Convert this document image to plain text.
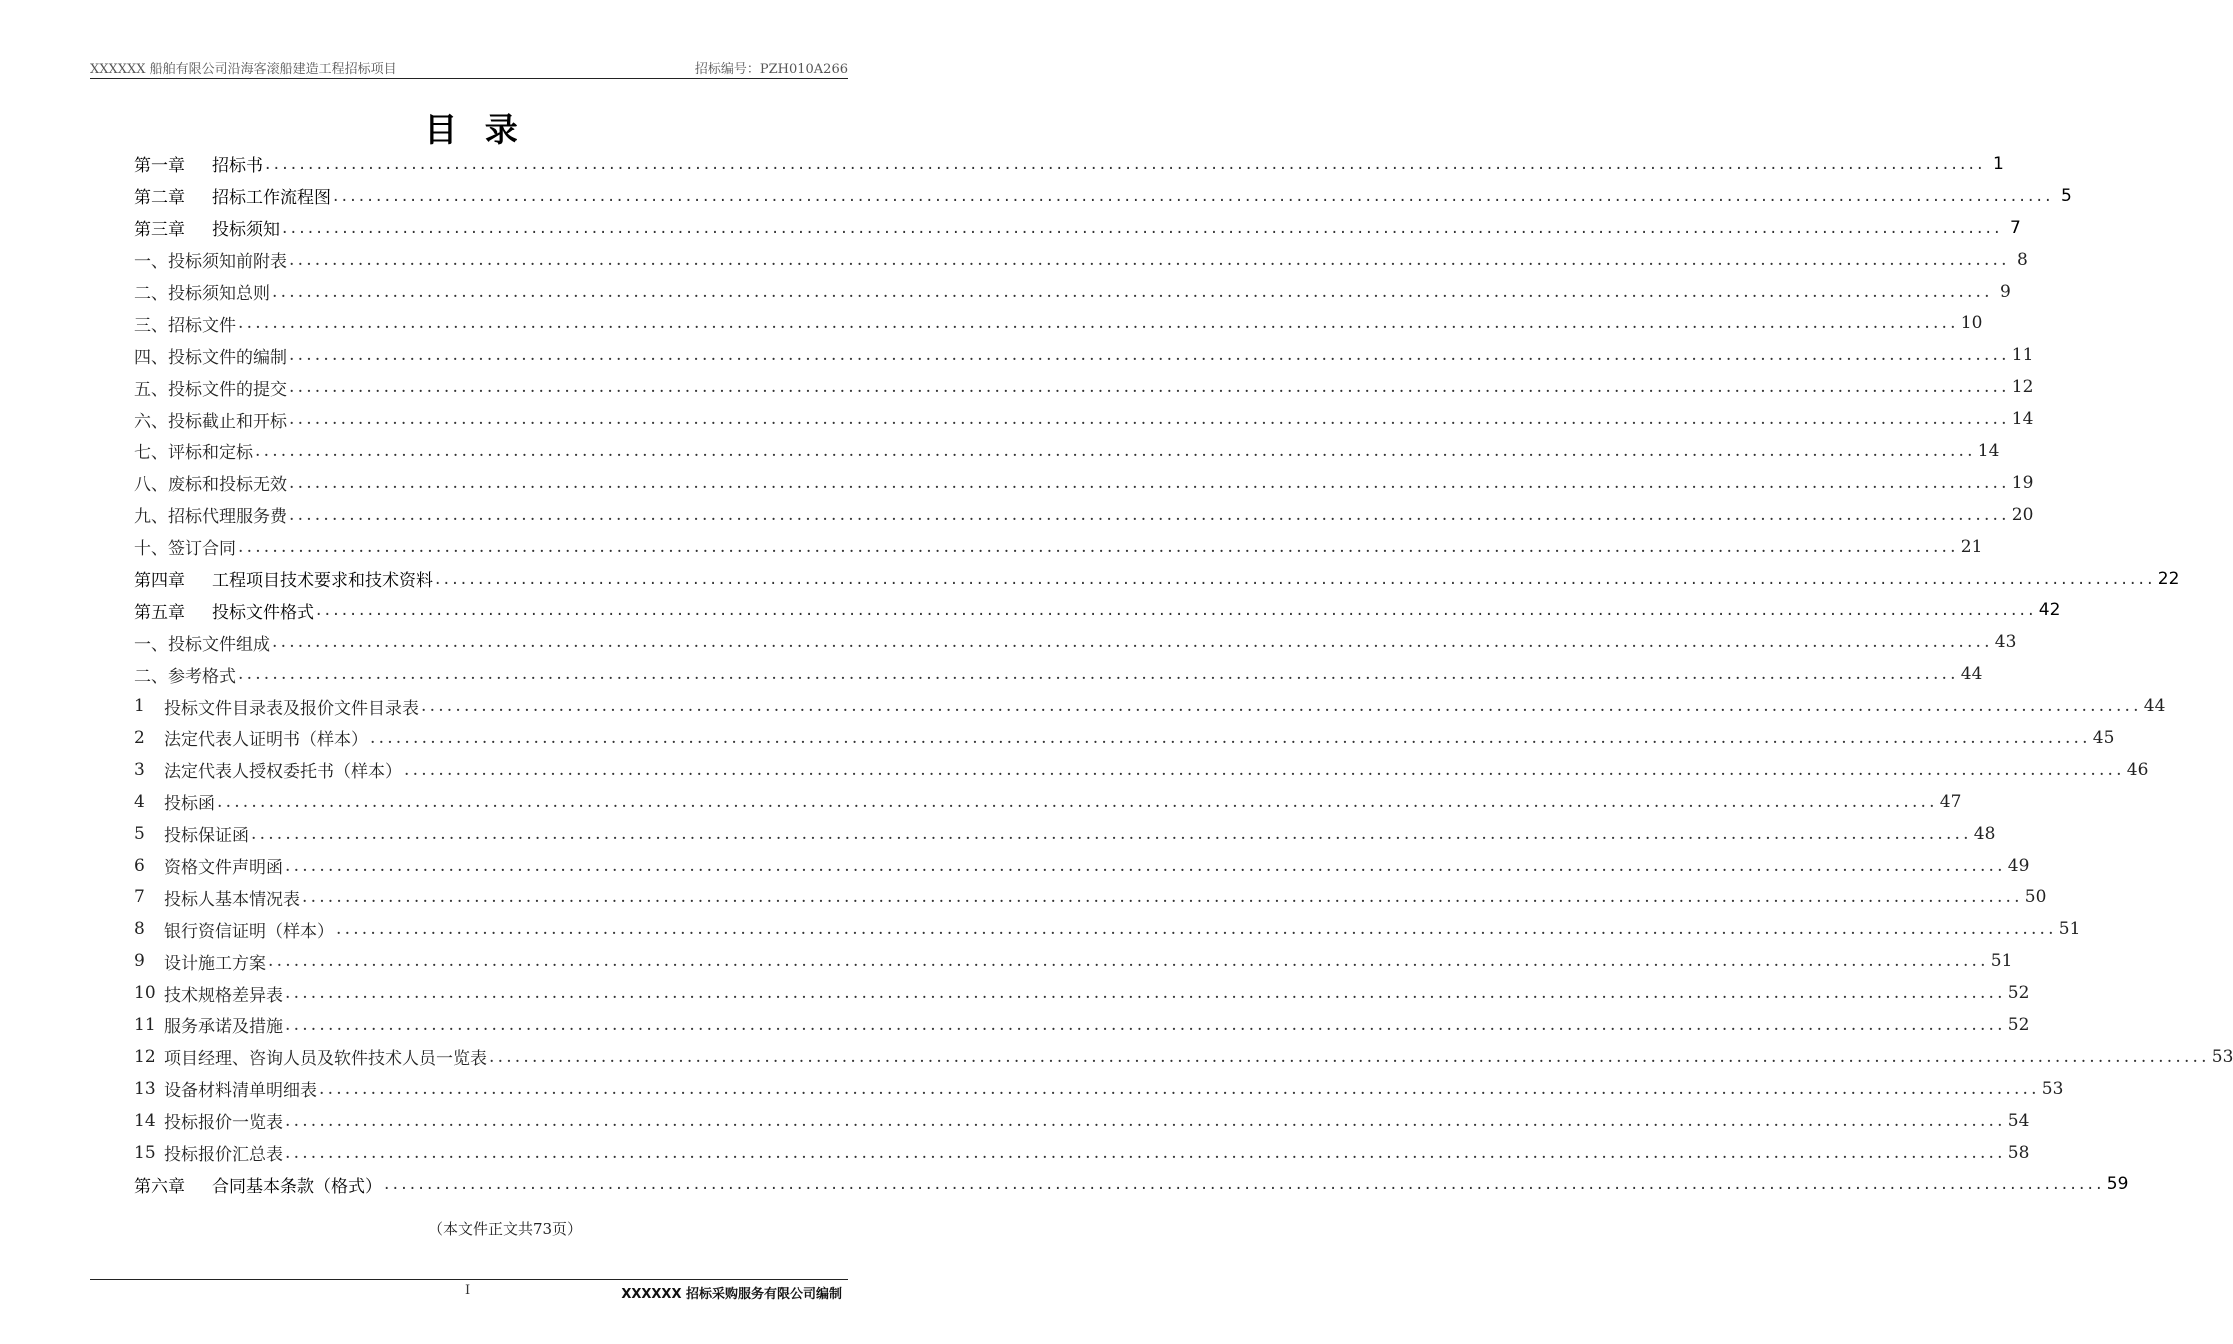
XXXXXX 船舶有限公司沿海客滚船建造工程招标项目	招标编号：PZH010A266
目 录
第一章	招标书 ........................................................................................................................................................................................................ 1
第二章	招标工作流程图 ........................................................................................................................................................................................................ 5
第三章	投标须知 ........................................................................................................................................................................................................ 7
一、投标须知前附表 ........................................................................................................................................................................................................ 8
二、投标须知总则 ........................................................................................................................................................................................................ 9
三、招标文件 ........................................................................................................................................................................................................ 10
四、投标文件的编制 ........................................................................................................................................................................................................ 11
五、投标文件的提交 ........................................................................................................................................................................................................ 12
六、投标截止和开标 ........................................................................................................................................................................................................ 14
七、评标和定标 ........................................................................................................................................................................................................ 14
八、废标和投标无效 ........................................................................................................................................................................................................ 19
九、招标代理服务费 ........................................................................................................................................................................................................ 20
十、签订合同 ........................................................................................................................................................................................................ 21
第四章	工程项目技术要求和技术资料 ........................................................................................................................................................................................................ 22
第五章	投标文件格式 ........................................................................................................................................................................................................ 42
一、投标文件组成 ........................................................................................................................................................................................................ 43
二、参考格式 ........................................................................................................................................................................................................ 44
1	投标文件目录表及报价文件目录表 ........................................................................................................................................................................................................ 44
2	法定代表人证明书（样本） ........................................................................................................................................................................................................ 45
3	法定代表人授权委托书（样本） ........................................................................................................................................................................................................ 46
4	投标函 ........................................................................................................................................................................................................ 47
5	投标保证函 ........................................................................................................................................................................................................ 48
6	资格文件声明函 ........................................................................................................................................................................................................ 49
7	投标人基本情况表 ........................................................................................................................................................................................................ 50
8	银行资信证明（样本） ........................................................................................................................................................................................................ 51
9	设计施工方案 ........................................................................................................................................................................................................ 51
10 技术规格差异表 ........................................................................................................................................................................................................ 52
11 服务承诺及措施 ........................................................................................................................................................................................................ 52
12 项目经理、咨询人员及软件技术人员一览表 ........................................................................................................................................................................................................ 53
13 设备材料清单明细表 ........................................................................................................................................................................................................ 53
14 投标报价一览表 ........................................................................................................................................................................................................ 54
15 投标报价汇总表 ........................................................................................................................................................................................................ 58
第六章	合同基本条款（格式） ........................................................................................................................................................................................................ 59
（本文件正文共73页）
I	XXXXXX 招标采购服务有限公司编制
